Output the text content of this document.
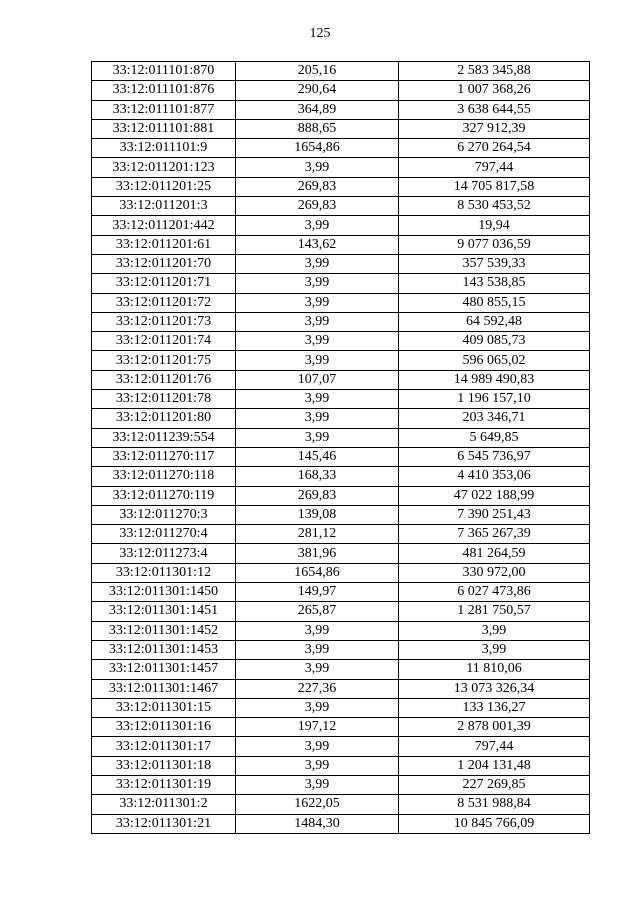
125
33:12:011101:870	205,16	2 583 345,88
33:12:011101:876	290,64	1 007 368,26
33:12:011101:877	364,89	3 638 644,55
33:12:011101:881	888,65	327 912,39
33:12:011101:9	1654,86	6 270 264,54
33:12:011201:123	3,99	797,44
33:12:011201:25	269,83	14 705 817,58
33:12:011201:3	269,83	8 530 453,52
33:12:011201:442	3,99	19,94
33:12:011201:61	143,62	9 077 036,59
33:12:011201:70	3,99	357 539,33
33:12:011201:71	3,99	143 538,85
33:12:011201:72	3,99	480 855,15
33:12:011201:73	3,99	64 592,48
33:12:011201:74	3,99	409 085,73
33:12:011201:75	3,99	596 065,02
33:12:011201:76	107,07	14 989 490,83
33:12:011201:78	3,99	1 196 157,10
33:12:011201:80	3,99	203 346,71
33:12:011239:554	3,99	5 649,85
33:12:011270:117	145,46	6 545 736,97
33:12:011270:118	168,33	4 410 353,06
33:12:011270:119	269,83	47 022 188,99
33:12:011270:3	139,08	7 390 251,43
33:12:011270:4	281,12	7 365 267,39
33:12:011273:4	381,96	481 264,59
33:12:011301:12	1654,86	330 972,00
33:12:011301:1450	149,97	6 027 473,86
33:12:011301:1451	265,87	1 281 750,57
33:12:011301:1452	3,99	3,99
33:12:011301:1453	3,99	3,99
33:12:011301:1457	3,99	11 810,06
33:12:011301:1467	227,36	13 073 326,34
33:12:011301:15	3,99	133 136,27
33:12:011301:16	197,12	2 878 001,39
33:12:011301:17	3,99	797,44
33:12:011301:18	3,99	1 204 131,48
33:12:011301:19	3,99	227 269,85
33:12:011301:2	1622,05	8 531 988,84
33:12:011301:21	1484,30	10 845 766,09
